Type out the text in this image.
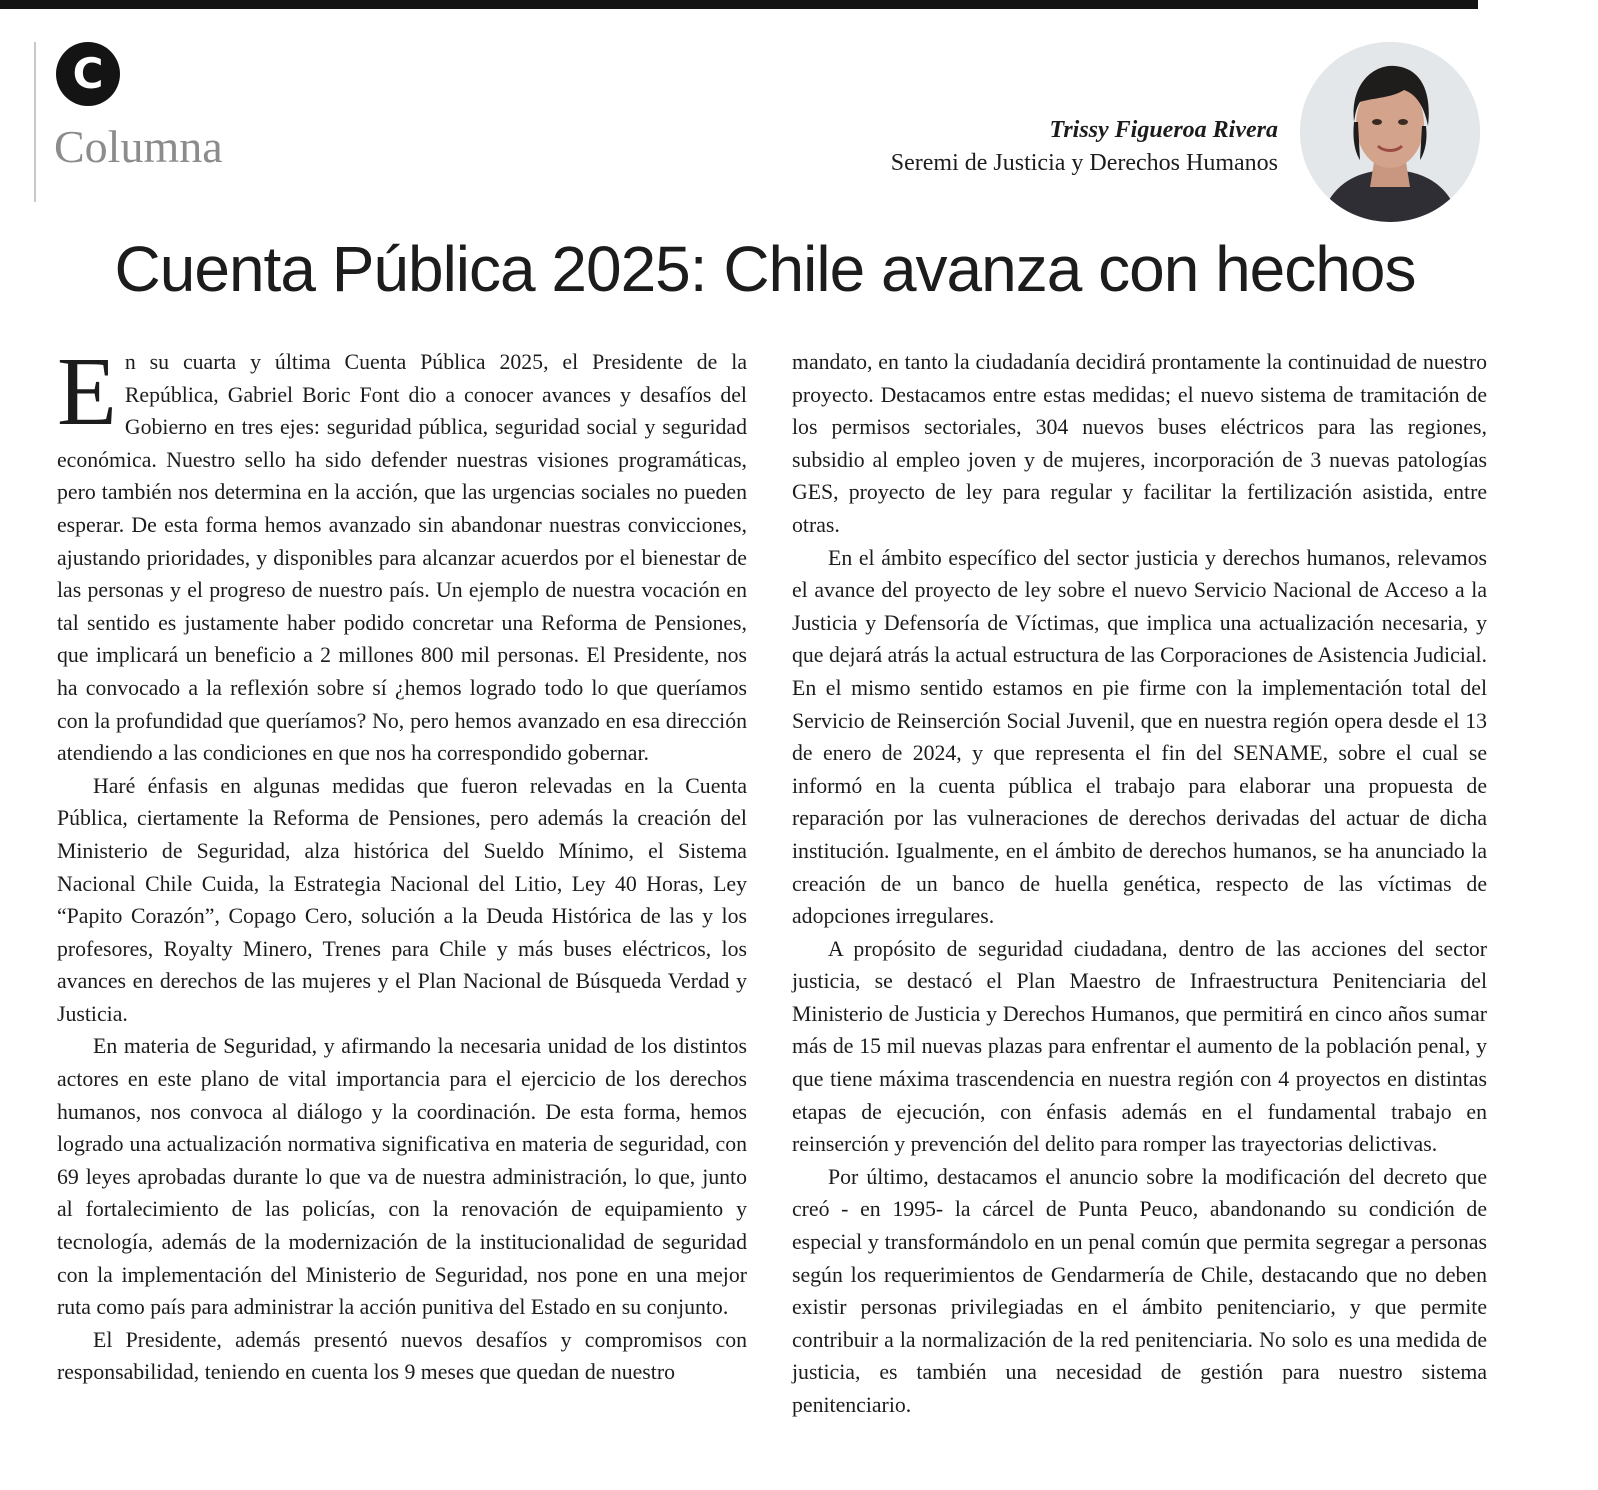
C
Columna	Trissy Figueroa Rivera
Seremi de Justicia y Derechos Humanos
Cuenta Pública 2025: Chile avanza con hechos

En su cuarta y última Cuenta Pública 2025, el Presidente de la República, Gabriel Boric Font dio a conocer avances y desafíos del Gobierno en tres ejes: seguridad pública, seguridad social y seguridad económica. Nuestro sello ha sido defender nuestras visiones programáticas, pero también nos determina en la acción, que las urgencias sociales no pueden esperar. De esta forma hemos avanzado sin abandonar nuestras convicciones, ajustando prioridades, y disponibles para alcanzar acuerdos por el bienestar de las personas y el progreso de nuestro país. Un ejemplo de nuestra vocación en tal sentido es justamente haber podido concretar una Reforma de Pensiones, que implicará un beneficio a 2 millones 800 mil personas. El Presidente, nos ha convocado a la reflexión sobre sí ¿hemos logrado todo lo que queríamos con la profundidad que queríamos? No, pero hemos avanzado en esa dirección atendiendo a las condiciones en que nos ha correspondido gobernar.

Haré énfasis en algunas medidas que fueron relevadas en la Cuenta Pública, ciertamente la Reforma de Pensiones, pero además la creación del Ministerio de Seguridad, alza histórica del Sueldo Mínimo, el Sistema Nacional Chile Cuida, la Estrategia Nacional del Litio, Ley 40 Horas, Ley “Papito Corazón”, Copago Cero, solución a la Deuda Histórica de las y los profesores, Royalty Minero, Trenes para Chile y más buses eléctricos, los avances en derechos de las mujeres y el Plan Nacional de Búsqueda Verdad y Justicia.

En materia de Seguridad, y afirmando la necesaria unidad de los distintos actores en este plano de vital importancia para el ejercicio de los derechos humanos, nos convoca al diálogo y la coordinación. De esta forma, hemos logrado una actualización normativa significativa en materia de seguridad, con 69 leyes aprobadas durante lo que va de nuestra administración, lo que, junto al fortalecimiento de las policías, con la renovación de equipamiento y tecnología, además de la modernización de la institucionalidad de seguridad con la implementación del Ministerio de Seguridad, nos pone en una mejor ruta como país para administrar la acción punitiva del Estado en su conjunto.

El Presidente, además presentó nuevos desafíos y compromisos con responsabilidad, teniendo en cuenta los 9 meses que quedan de nuestro

mandato, en tanto la ciudadanía decidirá prontamente la continuidad de nuestro proyecto. Destacamos entre estas medidas; el nuevo sistema de tramitación de los permisos sectoriales, 304 nuevos buses eléctricos para las regiones, subsidio al empleo joven y de mujeres, incorporación de 3 nuevas patologías GES, proyecto de ley para regular y facilitar la fertilización asistida, entre otras.

En el ámbito específico del sector justicia y derechos humanos, relevamos el avance del proyecto de ley sobre el nuevo Servicio Nacional de Acceso a la Justicia y Defensoría de Víctimas, que implica una actualización necesaria, y que dejará atrás la actual estructura de las Corporaciones de Asistencia Judicial. En el mismo sentido estamos en pie firme con la implementación total del Servicio de Reinserción Social Juvenil, que en nuestra región opera desde el 13 de enero de 2024, y que representa el fin del SENAME, sobre el cual se informó en la cuenta pública el trabajo para elaborar una propuesta de reparación por las vulneraciones de derechos derivadas del actuar de dicha institución. Igualmente, en el ámbito de derechos humanos, se ha anunciado la creación de un banco de huella genética, respecto de las víctimas de adopciones irregulares.

A propósito de seguridad ciudadana, dentro de las acciones del sector justicia, se destacó el Plan Maestro de Infraestructura Penitenciaria del Ministerio de Justicia y Derechos Humanos, que permitirá en cinco años sumar más de 15 mil nuevas plazas para enfrentar el aumento de la población penal, y que tiene máxima trascendencia en nuestra región con 4 proyectos en distintas etapas de ejecución, con énfasis además en el fundamental trabajo en reinserción y prevención del delito para romper las trayectorias delictivas.

Por último, destacamos el anuncio sobre la modificación del decreto que creó - en 1995- la cárcel de Punta Peuco, abandonando su condición de especial y transformándolo en un penal común que permita segregar a personas según los requerimientos de Gendarmería de Chile, destacando que no deben existir personas privilegiadas en el ámbito penitenciario, y que permite contribuir a la normalización de la red penitenciaria. No solo es una medida de justicia, es también una necesidad de gestión para nuestro sistema penitenciario.
